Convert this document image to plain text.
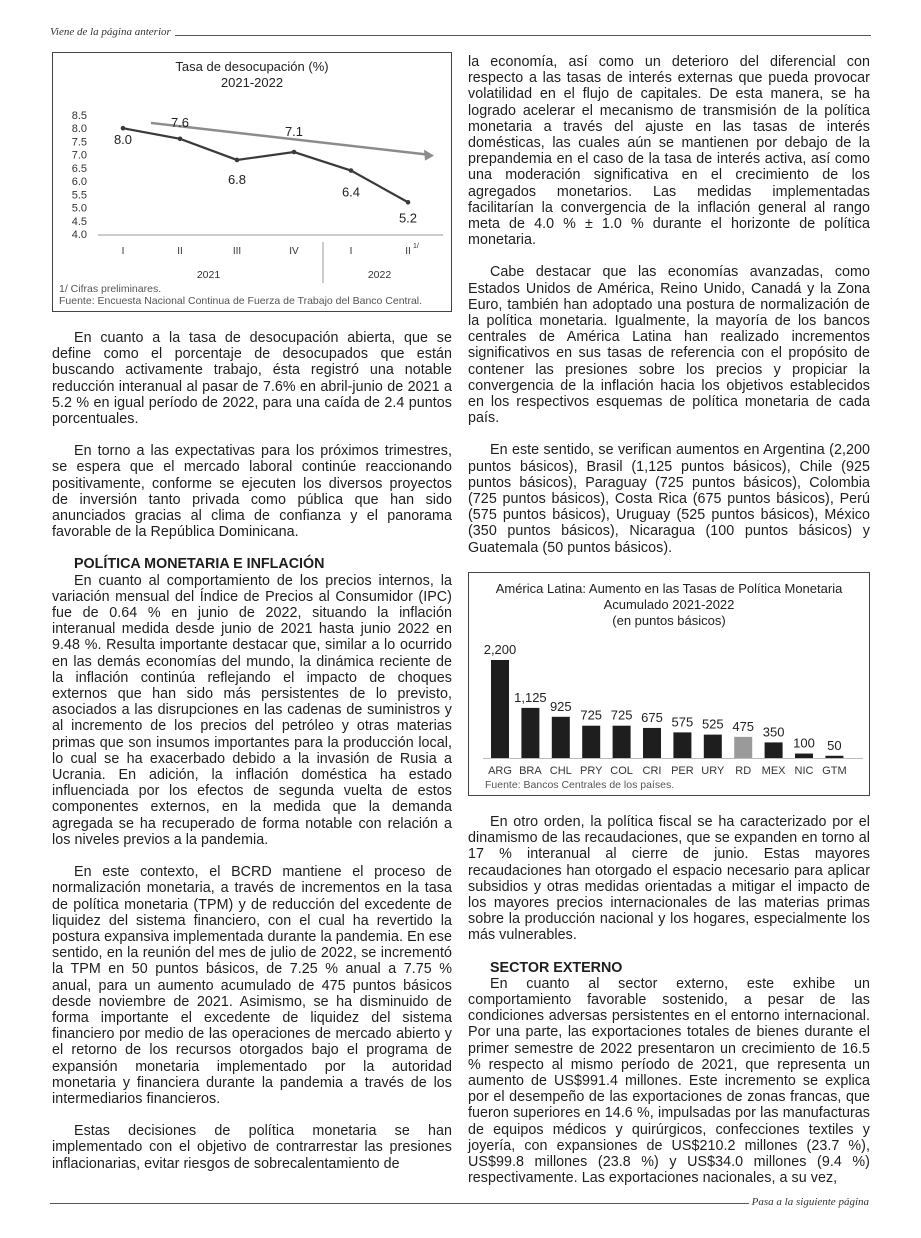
Viene de la página anterior
Tasa de desocupación (%)
2021-2022
8.5
8.0
7.5
7.0
6.5
6.0
5.5
5.0
4.5
4.0
I	II	III	IV	I	II 1/
2021	2022
8.0
7.6
6.8
7.1
6.4
5.2
1/ Cifras preliminares.
Fuente: Encuesta Nacional Continua de Fuerza de Trabajo del Banco Central.

En cuanto a la tasa de desocupación abierta, que se define como el porcentaje de desocupados que están buscando activamente trabajo, ésta registró una notable reducción interanual al pasar de 7.6% en abril-junio de 2021 a 5.2 % en igual período de 2022, para una caída de 2.4 puntos porcentuales.

En torno a las expectativas para los próximos trimestres, se espera que el mercado laboral continúe reaccionando positivamente, conforme se ejecuten los diversos proyectos de inversión tanto privada como pública que han sido anunciados gracias al clima de confianza y el panorama favorable de la República Dominicana.

POLÍTICA MONETARIA E INFLACIÓN

En cuanto al comportamiento de los precios internos, la variación mensual del Índice de Precios al Consumidor (IPC) fue de 0.64 % en junio de 2022, situando la inflación interanual medida desde junio de 2021 hasta junio 2022 en 9.48 %. Resulta importante destacar que, similar a lo ocurrido en las demás economías del mundo, la dinámica reciente de la inflación continúa reflejando el impacto de choques externos que han sido más persistentes de lo previsto, asociados a las disrupciones en las cadenas de suministros y al incremento de los precios del petróleo y otras materias primas que son insumos importantes para la producción local, lo cual se ha exacerbado debido a la invasión de Rusia a Ucrania. En adición, la inflación doméstica ha estado influenciada por los efectos de segunda vuelta de estos componentes externos, en la medida que la demanda agregada se ha recuperado de forma notable con relación a los niveles previos a la pandemia.

En este contexto, el BCRD mantiene el proceso de normalización monetaria, a través de incrementos en la tasa de política monetaria (TPM) y de reducción del excedente de liquidez del sistema financiero, con el cual ha revertido la postura expansiva implementada durante la pandemia. En ese sentido, en la reunión del mes de julio de 2022, se incrementó la TPM en 50 puntos básicos, de 7.25 % anual a 7.75 % anual, para un aumento acumulado de 475 puntos básicos desde noviembre de 2021. Asimismo, se ha disminuido de forma importante el excedente de liquidez del sistema financiero por medio de las operaciones de mercado abierto y el retorno de los recursos otorgados bajo el programa de expansión monetaria implementado por la autoridad monetaria y financiera durante la pandemia a través de los intermediarios financieros.

Estas decisiones de política monetaria se han implementado con el objetivo de contrarrestar las presiones inflacionarias, evitar riesgos de sobrecalentamiento de

la economía, así como un deterioro del diferencial con respecto a las tasas de interés externas que pueda provocar volatilidad en el flujo de capitales. De esta manera, se ha logrado acelerar el mecanismo de transmisión de la política monetaria a través del ajuste en las tasas de interés domésticas, las cuales aún se mantienen por debajo de la prepandemia en el caso de la tasa de interés activa, así como una moderación significativa en el crecimiento de los agregados monetarios. Las medidas implementadas facilitarían la convergencia de la inflación general al rango meta de 4.0 % ± 1.0 % durante el horizonte de política monetaria.

Cabe destacar que las economías avanzadas, como Estados Unidos de América, Reino Unido, Canadá y la Zona Euro, también han adoptado una postura de normalización de la política monetaria. Igualmente, la mayoría de los bancos centrales de América Latina han realizado incrementos significativos en sus tasas de referencia con el propósito de contener las presiones sobre los precios y propiciar la convergencia de la inflación hacia los objetivos establecidos en los respectivos esquemas de política monetaria de cada país.

En este sentido, se verifican aumentos en Argentina (2,200 puntos básicos), Brasil (1,125 puntos básicos), Chile (925 puntos básicos), Paraguay (725 puntos básicos), Colombia (725 puntos básicos), Costa Rica (675 puntos básicos), Perú (575 puntos básicos), Uruguay (525 puntos básicos), México (350 puntos básicos), Nicaragua (100 puntos básicos) y Guatemala (50 puntos básicos).

América Latina: Aumento en las Tasas de Política Monetaria
Acumulado 2021-2022
(en puntos básicos)
2,200
ARG
1,125
BRA
925
CHL
725
PRY
725
COL
675
CRI
575
PER
525
URY
475
RD
350
MEX
100
NIC
50
GTM
Fuente: Bancos Centrales de los países.

En otro orden, la política fiscal se ha caracterizado por el dinamismo de las recaudaciones, que se expanden en torno al 17 % interanual al cierre de junio. Estas mayores recaudaciones han otorgado el espacio necesario para aplicar subsidios y otras medidas orientadas a mitigar el impacto de los mayores precios internacionales de las materias primas sobre la producción nacional y los hogares, especialmente los más vulnerables.

SECTOR EXTERNO

En cuanto al sector externo, este exhibe un comportamiento favorable sostenido, a pesar de las condiciones adversas persistentes en el entorno internacional. Por una parte, las exportaciones totales de bienes durante el primer semestre de 2022 presentaron un crecimiento de 16.5 % respecto al mismo período de 2021, que representa un aumento de US$991.4 millones. Este incremento se explica por el desempeño de las exportaciones de zonas francas, que fueron superiores en 14.6 %, impulsadas por las manufacturas de equipos médicos y quirúrgicos, confecciones textiles y joyería, con expansiones de US$210.2 millones (23.7 %), US$99.8 millones (23.8 %) y US$34.0 millones (9.4 %) respectivamente. Las exportaciones nacionales, a su vez,

Pasa a la siguiente página
